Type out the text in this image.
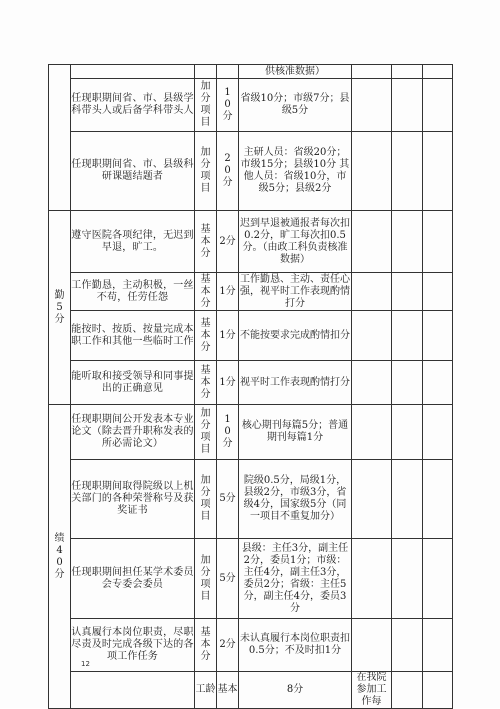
				供核准数据）				

	任现职期间省、市、县级学科带头人或后备学科带头人	加分项目	10分	省级10分；市级7分；县级5分				

	任现职期间省、市、县级科研课题结题者	加分项目	20分	主研人员：省级20分；市级15分；县级10分 其他人员：省级10分，市级5分；县级2分				

勤5分	遵守医院各项纪律，无迟到早退，旷工。	基本分	2分	迟到早退被通报者每次扣0.2分，旷工每次扣0.5分。（由政工科负责核准数据）				

	工作勤恳，主动积极，一丝不苟，任劳任怨	基本分	1分	工作勤恳、主动、责任心强，视平时工作表现酌情打分				

	能按时、按质、按量完成本职工作和其他一些临时工作	基本分	1分	不能按要求完成酌情扣分				

	能听取和接受领导和同事提出的正确意见	基本分	1分	视平时工作表现酌情打分				

绩40分	任现职期间公开发表本专业论文（除去晋升职称发表的所必需论文）	加分项目	10分	核心期刊每篇5分；普通期刊每篇1分				

	任现职期间取得院级以上机关部门的各种荣誉称号及获奖证书	加分项目	5分	院级0.5分，局级1分，县级2分，市级3分，省级4分，国家级5分（同一项目不重复加分）				

	任现职期间担任某学术委员会专委会委员	加分项目	5分	县级：主任3分，副主任2分，委员1分；市级：主任4分，副主任3分，委员2分；省级：主任5分，副主任4分，委员3分				

	认真履行本岗位职责，尽职尽责及时完成各级下达的各项工作任务	基本分	2分	未认真履行本岗位职责扣0.5分；不及时扣1分				

		工龄	基本	8分	在我院参加工作每			
12
